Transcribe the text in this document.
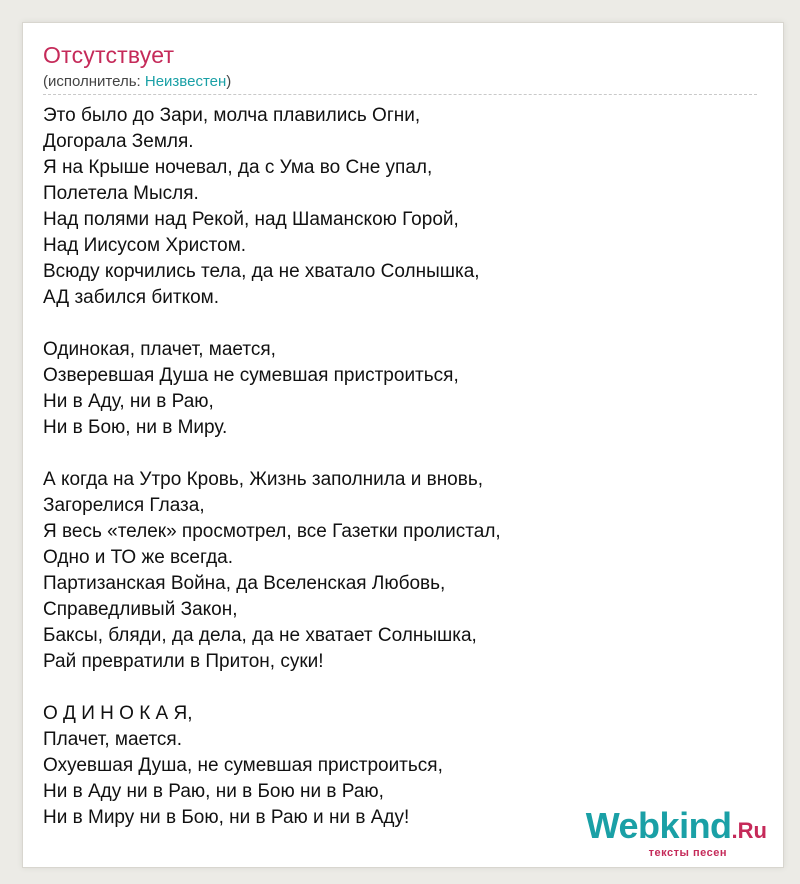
Отсутствует
(исполнитель: Неизвестен)
Это было до Зари, молча плавились Огни,
Догорала Земля.
Я на Крыше ночевал, да с Ума во Сне упал,
Полетела Мысля.
Над полями над Рекой, над Шаманскою Горой,
Над Иисусом Христом.
Всюду корчились тела, да не хватало Солнышка,
АД забился битком.
Одинокая, плачет, мается,
Озверевшая Душа не сумевшая пристроиться,
Ни в Аду, ни в Раю,
Ни в Бою, ни в Миру.
А когда на Утро Кровь, Жизнь заполнила и вновь,
Загорелися Глаза,
Я весь «телек» просмотрел, все Газетки пролистал,
Одно и ТО же всегда.
Партизанская Война, да Вселенская Любовь,
Справедливый Закон,
Баксы, бляди, да дела, да не хватает Солнышка,
Рай превратили в Притон, суки!
О Д И Н О К А Я,
Плачет, мается.
Охуевшая Душа, не сумевшая пристроиться,
Ни в Аду ни в Раю, ни в Бою ни в Раю,
Ни в Миру ни в Бою, ни в Раю и ни в Аду!	Webkind.Ru
тексты песен
